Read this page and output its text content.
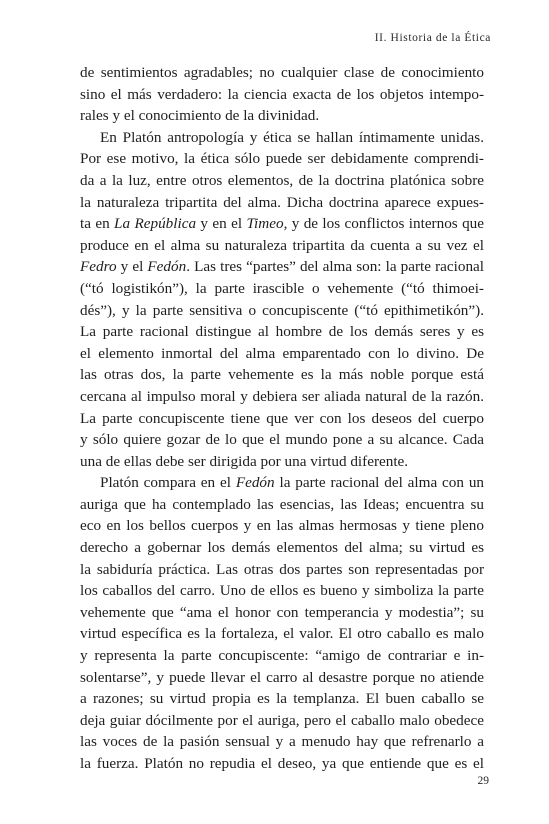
II. Historia de la Ética
de sentimientos agradables; no cualquier clase de conocimiento
sino el más verdadero: la ciencia exacta de los objetos intempo-
rales y el conocimiento de la divinidad.
En Platón antropología y ética se hallan íntimamente unidas.
Por ese motivo, la ética sólo puede ser debidamente comprendi-
da a la luz, entre otros elementos, de la doctrina platónica sobre
la naturaleza tripartita del alma. Dicha doctrina aparece expues-
ta en La República y en el Timeo, y de los conflictos internos que
produce en el alma su naturaleza tripartita da cuenta a su vez el
Fedro y el Fedón. Las tres “partes” del alma son: la parte racional
(“tó logistikón”), la parte irascible o vehemente (“tó thimoei-
dés”), y la parte sensitiva o concupiscente (“tó epithimetikón”).
La parte racional distingue al hombre de los demás seres y es
el elemento inmortal del alma emparentado con lo divino. De
las otras dos, la parte vehemente es la más noble porque está
cercana al impulso moral y debiera ser aliada natural de la razón.
La parte concupiscente tiene que ver con los deseos del cuerpo
y sólo quiere gozar de lo que el mundo pone a su alcance. Cada
una de ellas debe ser dirigida por una virtud diferente.
Platón compara en el Fedón la parte racional del alma con un
auriga que ha contemplado las esencias, las Ideas; encuentra su
eco en los bellos cuerpos y en las almas hermosas y tiene pleno
derecho a gobernar los demás elementos del alma; su virtud es
la sabiduría práctica. Las otras dos partes son representadas por
los caballos del carro. Uno de ellos es bueno y simboliza la parte
vehemente que “ama el honor con temperancia y modestia”; su
virtud específica es la fortaleza, el valor. El otro caballo es malo
y representa la parte concupiscente: “amigo de contrariar e in-
solentarse”, y puede llevar el carro al desastre porque no atiende
a razones; su virtud propia es la templanza. El buen caballo se
deja guiar dócilmente por el auriga, pero el caballo malo obedece
las voces de la pasión sensual y a menudo hay que refrenarlo a
la fuerza. Platón no repudia el deseo, ya que entiende que es el
29
